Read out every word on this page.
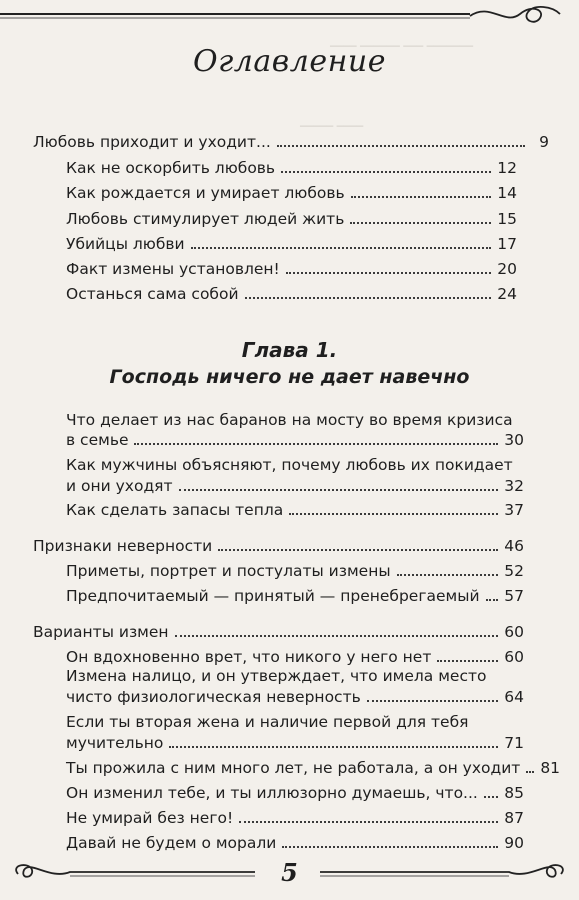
──── ────── ─── ───────
───── ────
Оглавление
Любовь приходит и уходит...	9
Как не оскорбить любовь	12
Как рождается и умирает любовь	14
Любовь стимулирует людей жить	15
Убийцы любви	17
Факт измены установлен!	20
Останься сама собой	24
Глава 1.
Господь ничего не дает навечно
Что делает из нас баранов на мосту во время кризиса
в семье	30
Как мужчины объясняют, почему любовь их покидает
и они уходят	32
Как сделать запасы тепла	37
Признаки неверности	46
Приметы, портрет и постулаты измены	52
Предпочитаемый — принятый — пренебрегаемый 57
Варианты измен	60
Он вдохновенно врет, что никого у него нет	60
Измена налицо, и он утверждает, что имела место
чисто физиологическая неверность	64
Если ты вторая жена и наличие первой для тебя
мучительно	71
Ты прожила с ним много лет, не работала, а он уходит 81
Он изменил тебе, и ты иллюзорно думаешь, что... 85
Не умирай без него!	87
Давай не будем о морали	90
5
